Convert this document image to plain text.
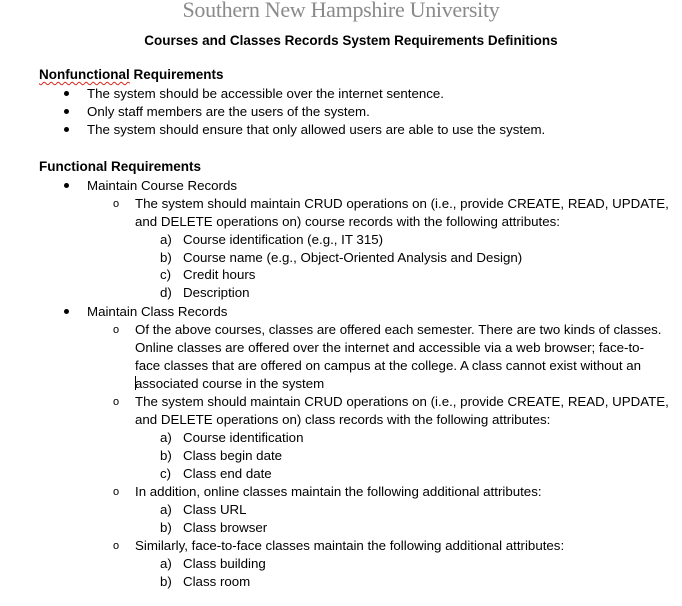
Southern New Hampshire University
Courses and Classes Records System Requirements Definitions
Nonfunctional Requirements
The system should be accessible over the internet sentence.
Only staff members are the users of the system.
The system should ensure that only allowed users are able to use the system.
Functional Requirements
Maintain Course Records
o The system should maintain CRUD operations on (i.e., provide CREATE, READ, UPDATE,
and DELETE operations on) course records with the following attributes:
a) Course identification (e.g., IT 315)
b) Course name (e.g., Object-Oriented Analysis and Design)
c) Credit hours
d) Description
Maintain Class Records
o Of the above courses, classes are offered each semester. There are two kinds of classes.
Online classes are offered over the internet and accessible via a web browser; face-to-
face classes that are offered on campus at the college. A class cannot exist without an
associated course in the system
o The system should maintain CRUD operations on (i.e., provide CREATE, READ, UPDATE,
and DELETE operations on) class records with the following attributes:
a) Course identification
b) Class begin date
c) Class end date
o In addition, online classes maintain the following additional attributes:
a) Class URL
b) Class browser
o Similarly, face-to-face classes maintain the following additional attributes:
a) Class building
b) Class room
